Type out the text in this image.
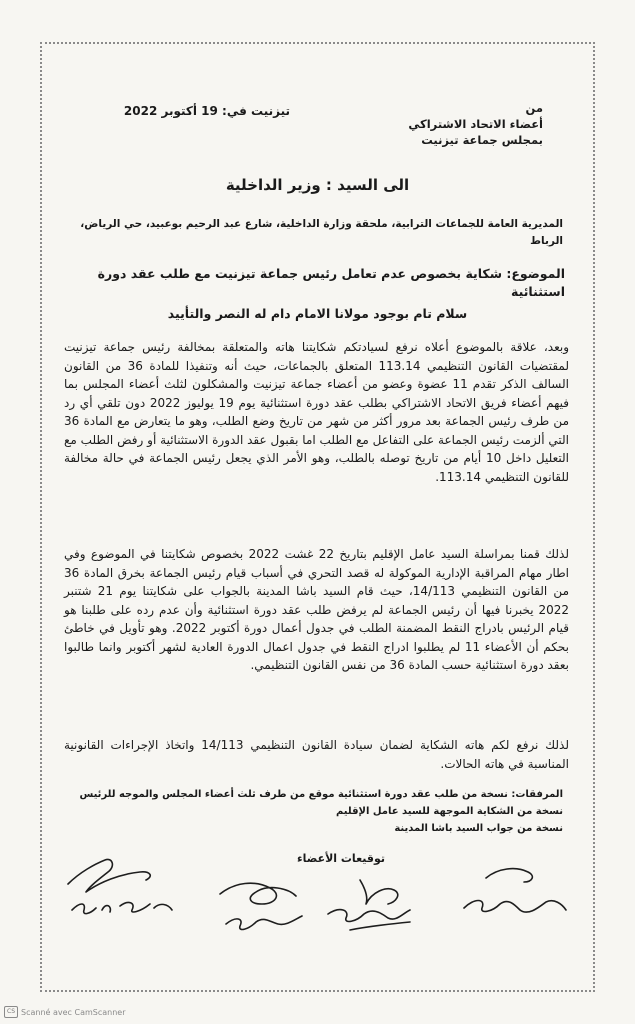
من
أعضاء الاتحاد الاشتراكي
بمجلس جماعة تيزنيت
تيزنيت في: 19 أكتوبر 2022
الى السيد : وزير الداخلية
المديرية العامة للجماعات الترابية، ملحقة وزارة الداخلية، شارع عبد الرحيم بوعبيد، حي الرياض،
الرباط
الموضوع: شكاية بخصوص عدم تعامل رئيس جماعة تيزنيت مع طلب عقد دورة استثنائية
سلام تام بوجود مولانا الامام دام له النصر والتأييد
وبعد، علاقة بالموضوع أعلاه نرفع لسيادتكم شكايتنا هاته والمتعلقة بمخالفة رئيس جماعة تيزنيت لمقتضيات القانون التنظيمي 113.14 المتعلق بالجماعات، حيث أنه وتنفيذا للمادة 36 من القانون السالف الذكر تقدم 11 عضوة وعضو من أعضاء جماعة تيزنيت والمشكلون لثلث أعضاء المجلس بما فيهم أعضاء فريق الاتحاد الاشتراكي بطلب عقد دورة استثنائية يوم 19 يوليوز 2022 دون تلقي أي رد من طرف رئيس الجماعة بعد مرور أكثر من شهر من تاريخ وضع الطلب، وهو ما يتعارض مع المادة 36 التي ألزمت رئيس الجماعة على التفاعل مع الطلب اما بقبول عقد الدورة الاستثنائية أو رفض الطلب مع التعليل داخل 10 أيام من تاريخ توصله بالطلب، وهو الأمر الذي يجعل رئيس الجماعة في حالة مخالفة للقانون التنظيمي 113.14.
لذلك قمنا بمراسلة السيد عامل الإقليم بتاريخ 22 غشت 2022 بخصوص شكايتنا في الموضوع وفي اطار مهام المراقبة الإدارية الموكولة له قصد التحري في أسباب قيام رئيس الجماعة بخرق المادة 36 من القانون التنظيمي 14/113، حيث قام السيد باشا المدينة بالجواب على شكايتنا يوم 21 شتنبر 2022 يخبرنا فيها أن رئيس الجماعة لم يرفض طلب عقد دورة استثنائية وأن عدم رده على طلبنا هو قيام الرئيس بادراج النقط المضمنة الطلب في جدول أعمال دورة أكتوبر 2022. وهو تأويل في خاطئ بحكم أن الأعضاء 11 لم يطلبوا ادراج النقط في جدول اعمال الدورة العادية لشهر أكتوبر وانما طالبوا بعقد دورة استثنائية حسب المادة 36 من نفس القانون التنظيمي.
لذلك نرفع لكم هاته الشكاية لضمان سيادة القانون التنظيمي 14/113 واتخاذ الإجراءات القانونية المناسبة في هاته الحالات.
المرفقات: نسخة من طلب عقد دورة استثنائية موقع من طرف ثلث أعضاء المجلس والموجه للرئيس
نسخة من الشكاية الموجهة للسيد عامل الإقليم
نسخة من جواب السيد باشا المدينة
توقيعات الأعضاء
CS Scanné avec CamScanner
